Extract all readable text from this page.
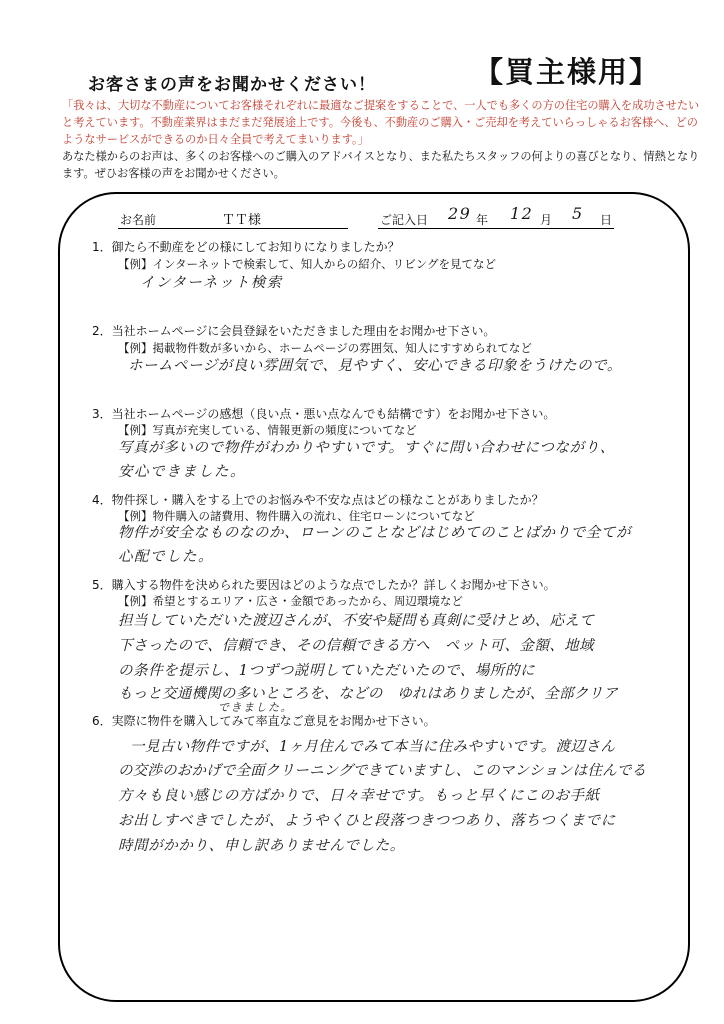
お客さまの声をお聞かせください！	【買主様用】
「我々は、大切な不動産についてお客様それぞれに最適なご提案をすることで、一人でも多くの方の住宅の購入を成功させたいと考えています。不動産業界はまだまだ発展途上です。今後も、不動産のご購入・ご売却を考えていらっしゃるお客様へ、どのようなサービスができるのか日々全員で考えてまいります。」
あなた様からのお声は、多くのお客様へのご購入のアドバイスとなり、また私たちスタッフの何よりの喜びとなり、情熱となります。ぜひお客様の声をお聞かせください。
お名前	ＴＴ様	ご記入日 29 年 12 月 5 日
1．御たら不動産をどの様にしてお知りになりましたか？
【例】インターネットで検索して、知人からの紹介、リビングを見てなど
インターネット検索
2．当社ホームページに会員登録をいただきました理由をお聞かせ下さい。
【例】掲載物件数が多いから、ホームページの雰囲気、知人にすすめられてなど
ホームページが良い雰囲気で、見やすく、安心できる印象をうけたので。
3．当社ホームページの感想（良い点・悪い点なんでも結構です）をお聞かせ下さい。
【例】写真が充実している、情報更新の頻度についてなど
写真が多いので物件がわかりやすいです。すぐに問い合わせにつながり、
安心できました。
4．物件探し・購入をする上でのお悩みや不安な点はどの様なことがありましたか？
【例】物件購入の諸費用、物件購入の流れ、住宅ローンについてなど
物件が安全なものなのか、ローンのことなどはじめてのことばかりで全てが
心配でした。
5．購入する物件を決められた要因はどのような点でしたか？詳しくお聞かせ下さい。
【例】希望とするエリア・広さ・金額であったから、周辺環境など
担当していただいた渡辺さんが、不安や疑問も真剣に受けとめ、応えて
下さったので、信頼でき、その信頼できる方へ　ペット可、金額、地域
の条件を提示し、1つずつ説明していただいたので、場所的に
もっと交通機関の多いところを、などの　ゆれはありましたが、全部クリア
できました。
6．実際に物件を購入してみて率直なご意見をお聞かせ下さい。
一見古い物件ですが、1ヶ月住んでみて本当に住みやすいです。渡辺さん
の交渉のおかげで全面クリーニングできていますし、このマンションは住んでる
方々も良い感じの方ばかりで、日々幸せです。もっと早くにこのお手紙
お出しすべきでしたが、ようやくひと段落つきつつあり、落ちつくまでに
時間がかかり、申し訳ありませんでした。
